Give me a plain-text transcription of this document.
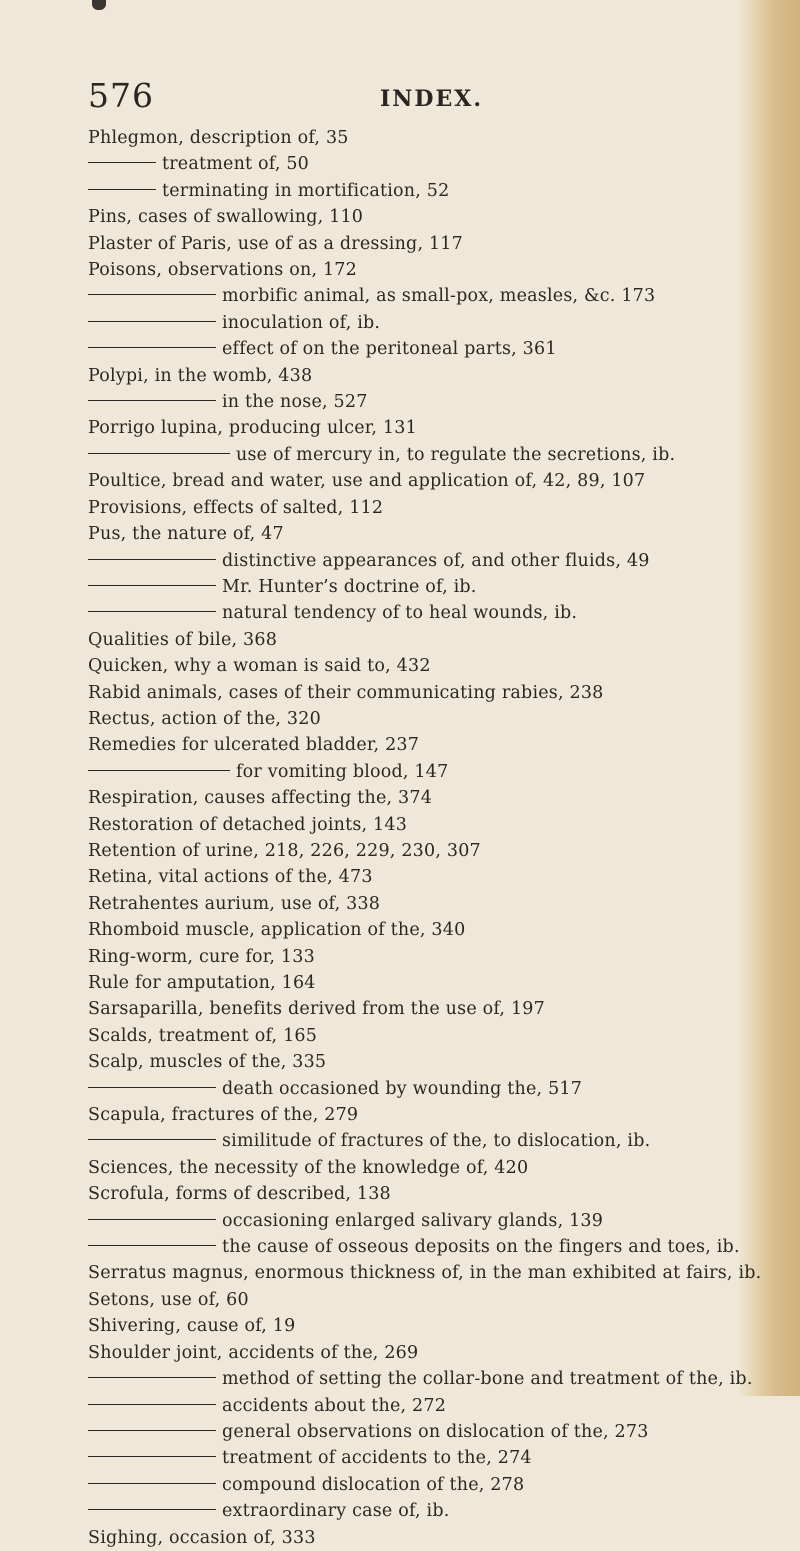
576	INDEX.
Phlegmon, description of, 35
treatment of, 50
terminating in mortification, 52
Pins, cases of swallowing, 110
Plaster of Paris, use of as a dressing, 117
Poisons, observations on, 172
morbific animal, as small-pox, measles, &c. 173
inoculation of, ib.
effect of on the peritoneal parts, 361
Polypi, in the womb, 438
in the nose, 527
Porrigo lupina, producing ulcer, 131
use of mercury in, to regulate the secretions, ib.
Poultice, bread and water, use and application of, 42, 89, 107
Provisions, effects of salted, 112
Pus, the nature of, 47
distinctive appearances of, and other fluids, 49
Mr. Hunter’s doctrine of, ib.
natural tendency of to heal wounds, ib.
Qualities of bile, 368
Quicken, why a woman is said to, 432
Rabid animals, cases of their communicating rabies, 238
Rectus, action of the, 320
Remedies for ulcerated bladder, 237
for vomiting blood, 147
Respiration, causes affecting the, 374
Restoration of detached joints, 143
Retention of urine, 218, 226, 229, 230, 307
Retina, vital actions of the, 473
Retrahentes aurium, use of, 338
Rhomboid muscle, application of the, 340
Ring-worm, cure for, 133
Rule for amputation, 164
Sarsaparilla, benefits derived from the use of, 197
Scalds, treatment of, 165
Scalp, muscles of the, 335
death occasioned by wounding the, 517
Scapula, fractures of the, 279
similitude of fractures of the, to dislocation, ib.
Sciences, the necessity of the knowledge of, 420
Scrofula, forms of described, 138
occasioning enlarged salivary glands, 139
the cause of osseous deposits on the fingers and toes, ib.
Serratus magnus, enormous thickness of, in the man exhibited at fairs, ib.
Setons, use of, 60
Shivering, cause of, 19
Shoulder joint, accidents of the, 269
method of setting the collar-bone and treatment of the, ib.
accidents about the, 272
general observations on dislocation of the, 273
treatment of accidents to the, 274
compound dislocation of the, 278
extraordinary case of, ib.
Sighing, occasion of, 333
